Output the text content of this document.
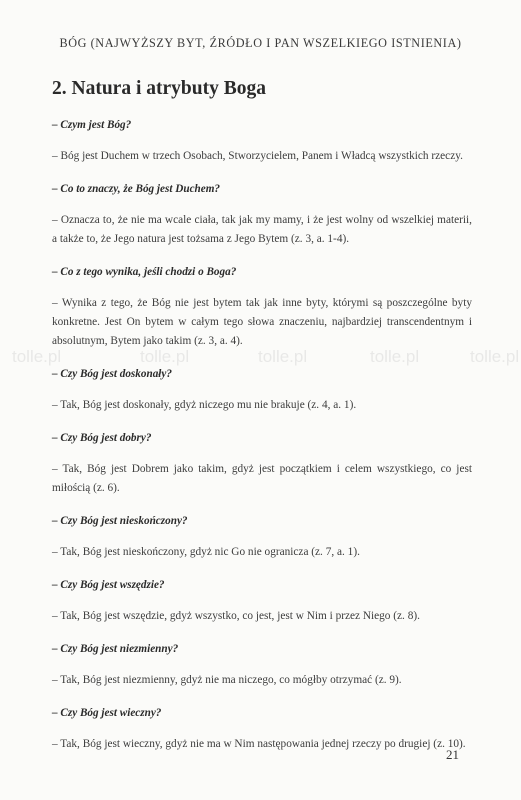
BÓG (NAJWYŻSZY BYT, ŹRÓDŁO I PAN WSZELKIEGO ISTNIENIA)
2. Natura i atrybuty Boga
– Czym jest Bóg?
– Bóg jest Duchem w trzech Osobach, Stworzycielem, Panem i Władcą wszystkich rzeczy.
– Co to znaczy, że Bóg jest Duchem?
– Oznacza to, że nie ma wcale ciała, tak jak my mamy, i że jest wolny od wszelkiej materii, a także to, że Jego natura jest tożsama z Jego Bytem (z. 3, a. 1-4).
– Co z tego wynika, jeśli chodzi o Boga?
– Wynika z tego, że Bóg nie jest bytem tak jak inne byty, którymi są poszczególne byty konkretne. Jest On bytem w całym tego słowa znaczeniu, najbardziej transcendentnym i absolutnym, Bytem jako takim (z. 3, a. 4).
– Czy Bóg jest doskonały?
– Tak, Bóg jest doskonały, gdyż niczego mu nie brakuje (z. 4, a. 1).
– Czy Bóg jest dobry?
– Tak, Bóg jest Dobrem jako takim, gdyż jest początkiem i celem wszystkiego, co jest miłością (z. 6).
– Czy Bóg jest nieskończony?
– Tak, Bóg jest nieskończony, gdyż nic Go nie ogranicza (z. 7, a. 1).
– Czy Bóg jest wszędzie?
– Tak, Bóg jest wszędzie, gdyż wszystko, co jest, jest w Nim i przez Niego (z. 8).
– Czy Bóg jest niezmienny?
– Tak, Bóg jest niezmienny, gdyż nie ma niczego, co mógłby otrzymać (z. 9).
– Czy Bóg jest wieczny?
– Tak, Bóg jest wieczny, gdyż nie ma w Nim następowania jednej rzeczy po drugiej (z. 10).
tolle.pl	tolle.pl	tolle.pl	tolle.pl	tolle.pl
21
